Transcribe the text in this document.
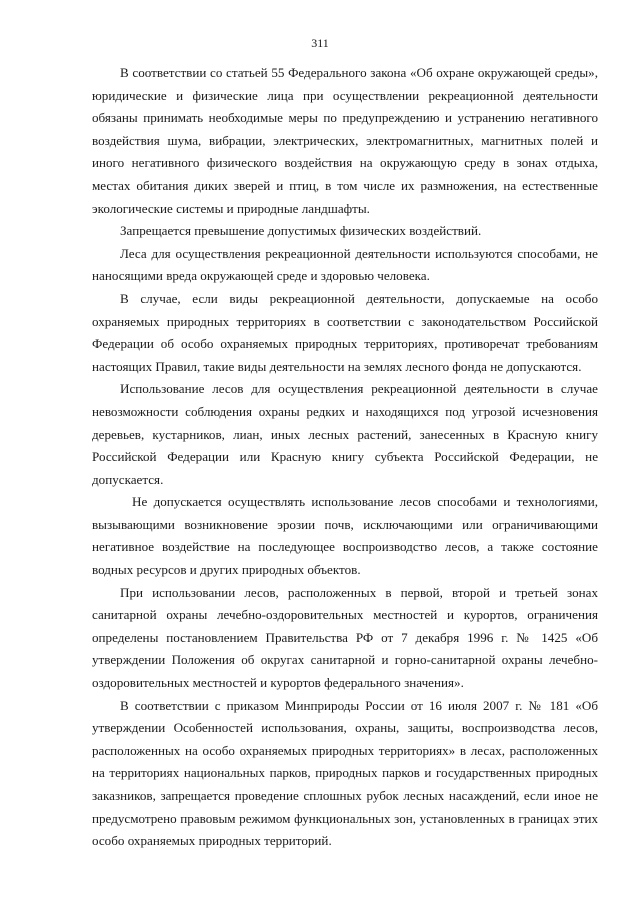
311

В соответствии со статьей 55 Федерального закона «Об охране окружающей среды», юридические и физические лица при осуществлении рекреационной деятельности обязаны принимать необходимые меры по предупреждению и устранению негативного воздействия шума, вибрации, электрических, электромагнитных, магнитных полей и иного негативного физического воздействия на окружающую среду в зонах отдыха, местах обитания диких зверей и птиц, в том числе их размножения, на естественные экологические системы и природные ландшафты.

Запрещается превышение допустимых физических воздействий.

Леса для осуществления рекреационной деятельности используются способами, не наносящими вреда окружающей среде и здоровью человека.

В случае, если виды рекреационной деятельности, допускаемые на особо охраняемых природных территориях в соответствии с законодательством Российской Федерации об особо охраняемых природных территориях, противоречат требованиям настоящих Правил, такие виды деятельности на землях лесного фонда не допускаются.

Использование лесов для осуществления рекреационной деятельности в случае невозможности соблюдения охраны редких и находящихся под угрозой исчезновения деревьев, кустарников, лиан, иных лесных растений, занесенных в Красную книгу Российской Федерации или Красную книгу субъекта Российской Федерации, не допускается.

Не допускается осуществлять использование лесов способами и технологиями, вызывающими возникновение эрозии почв, исключающими или ограничивающими негативное воздействие на последующее воспроизводство лесов, а также состояние водных ресурсов и других природных объектов.

При использовании лесов, расположенных в первой, второй и третьей зонах санитарной охраны лечебно-оздоровительных местностей и курортов, ограничения определены постановлением Правительства РФ от 7 декабря 1996 г. № 1425 «Об утверждении Положения об округах санитарной и горно-санитарной охраны лечебно-оздоровительных местностей и курортов федерального значения».

В соответствии с приказом Минприроды России от 16 июля 2007 г. № 181 «Об утверждении Особенностей использования, охраны, защиты, воспроизводства лесов, расположенных на особо охраняемых природных территориях» в лесах, расположенных на территориях национальных парков, природных парков и государственных природных заказников, запрещается проведение сплошных рубок лесных насаждений, если иное не предусмотрено правовым режимом функциональных зон, установленных в границах этих особо охраняемых природных территорий.
